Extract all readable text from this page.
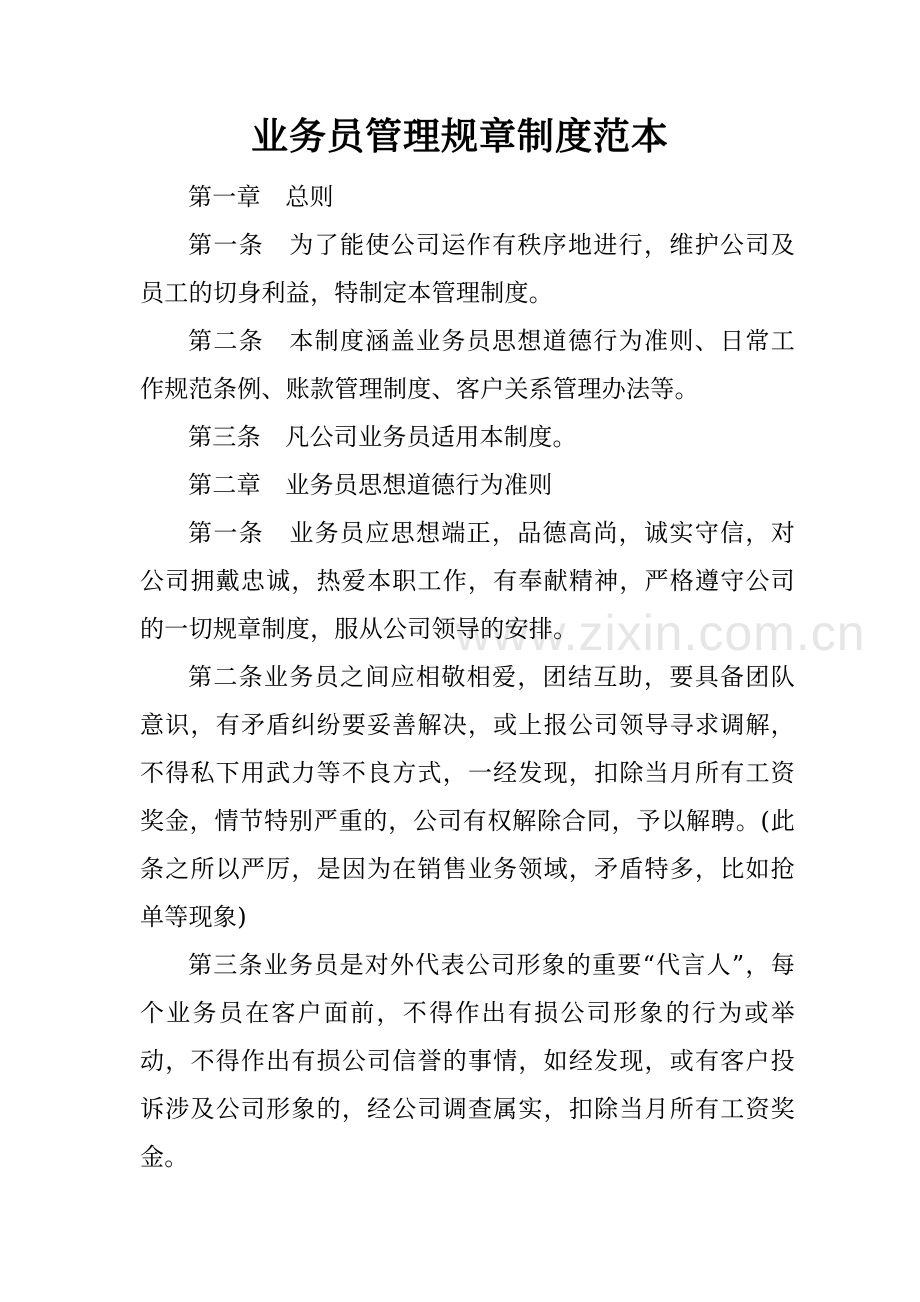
www.zixin.com.cn
业务员管理规章制度范本

第一章　总则

第一条　为了能使公司运作有秩序地进行，维护公司及员工的切身利益，特制定本管理制度。

第二条　本制度涵盖业务员思想道德行为准则、日常工作规范条例、账款管理制度、客户关系管理办法等。

第三条　凡公司业务员适用本制度。

第二章　业务员思想道德行为准则

第一条　业务员应思想端正，品德高尚，诚实守信，对公司拥戴忠诚，热爱本职工作，有奉献精神，严格遵守公司的一切规章制度，服从公司领导的安排。

第二条业务员之间应相敬相爱，团结互助，要具备团队意识，有矛盾纠纷要妥善解决，或上报公司领导寻求调解，不得私下用武力等不良方式，一经发现，扣除当月所有工资奖金，情节特别严重的，公司有权解除合同，予以解聘。(此条之所以严厉，是因为在销售业务领域，矛盾特多，比如抢单等现象)

第三条业务员是对外代表公司形象的重要“代言人”，每个业务员在客户面前，不得作出有损公司形象的行为或举动，不得作出有损公司信誉的事情，如经发现，或有客户投诉涉及公司形象的，经公司调查属实，扣除当月所有工资奖金。
